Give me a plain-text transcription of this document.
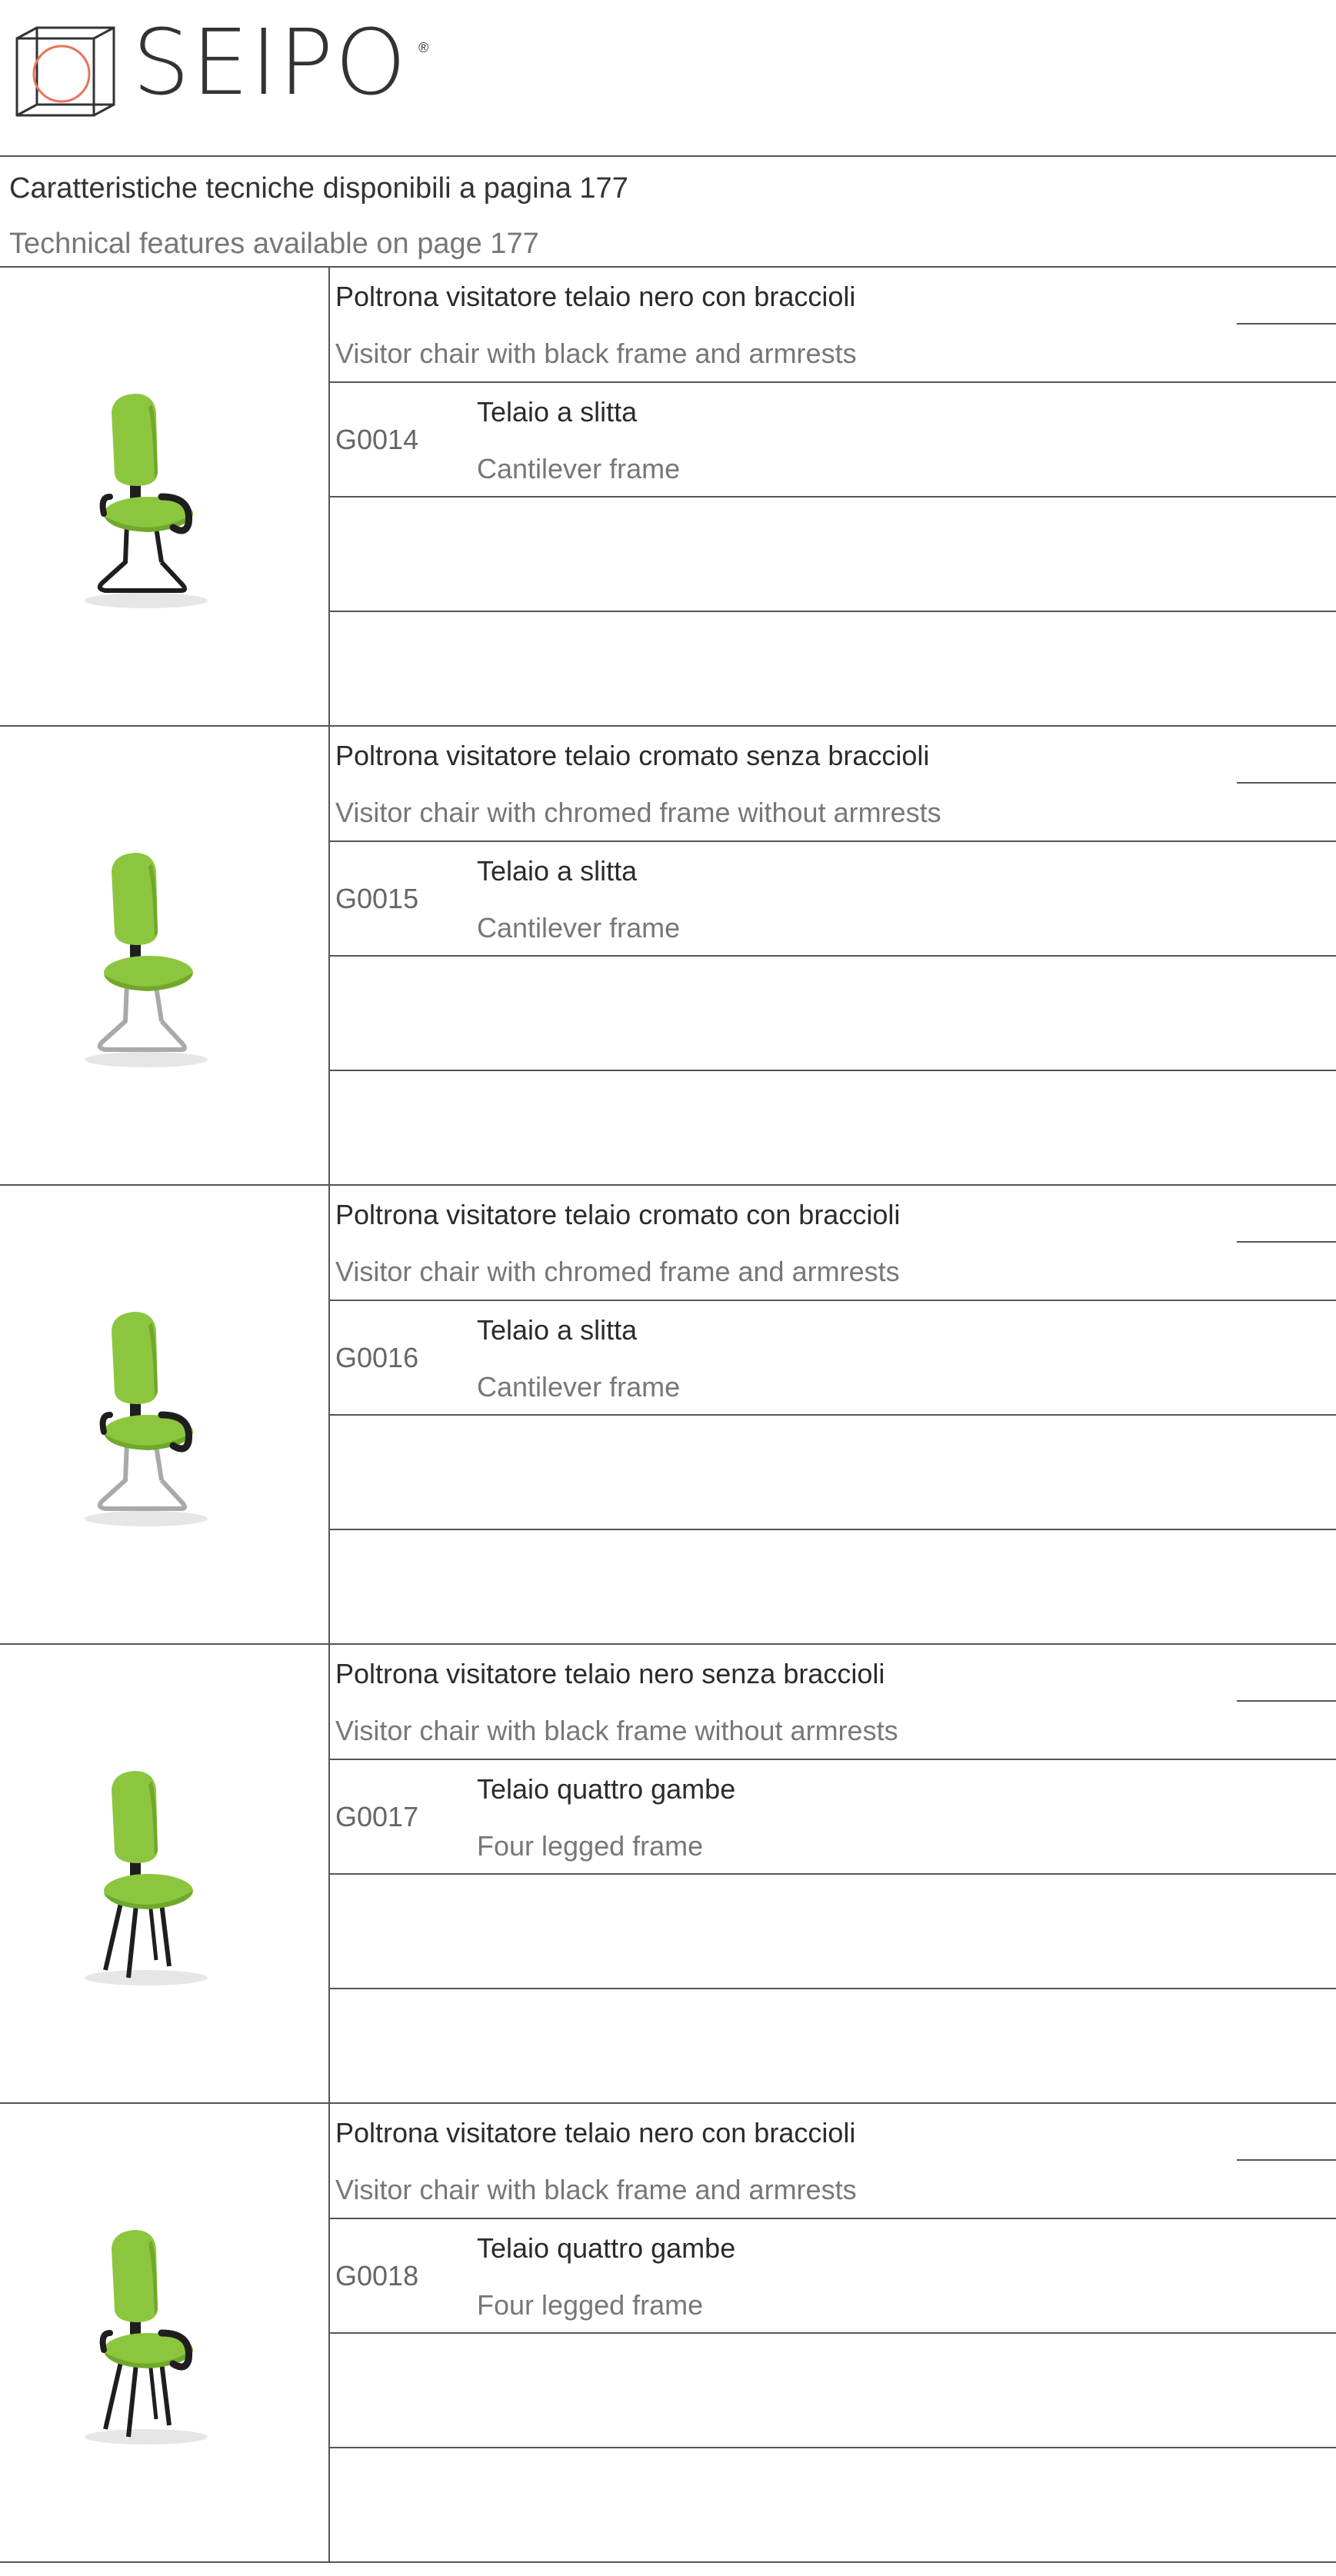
SEIPO ®
Caratteristiche tecniche disponibili a pagina 177
Technical features available on page 177
Poltrona visitatore telaio nero con braccioli
Visitor chair with black frame and armrests
G0014
Telaio a slitta
Cantilever frame
Poltrona visitatore telaio cromato senza braccioli
Visitor chair with chromed frame without armrests
G0015
Telaio a slitta
Cantilever frame
Poltrona visitatore telaio cromato con braccioli
Visitor chair with chromed frame and armrests
G0016
Telaio a slitta
Cantilever frame
Poltrona visitatore telaio nero senza braccioli
Visitor chair with black frame without armrests
G0017
Telaio quattro gambe
Four legged frame
Poltrona visitatore telaio nero con braccioli
Visitor chair with black frame and armrests
G0018
Telaio quattro gambe
Four legged frame
